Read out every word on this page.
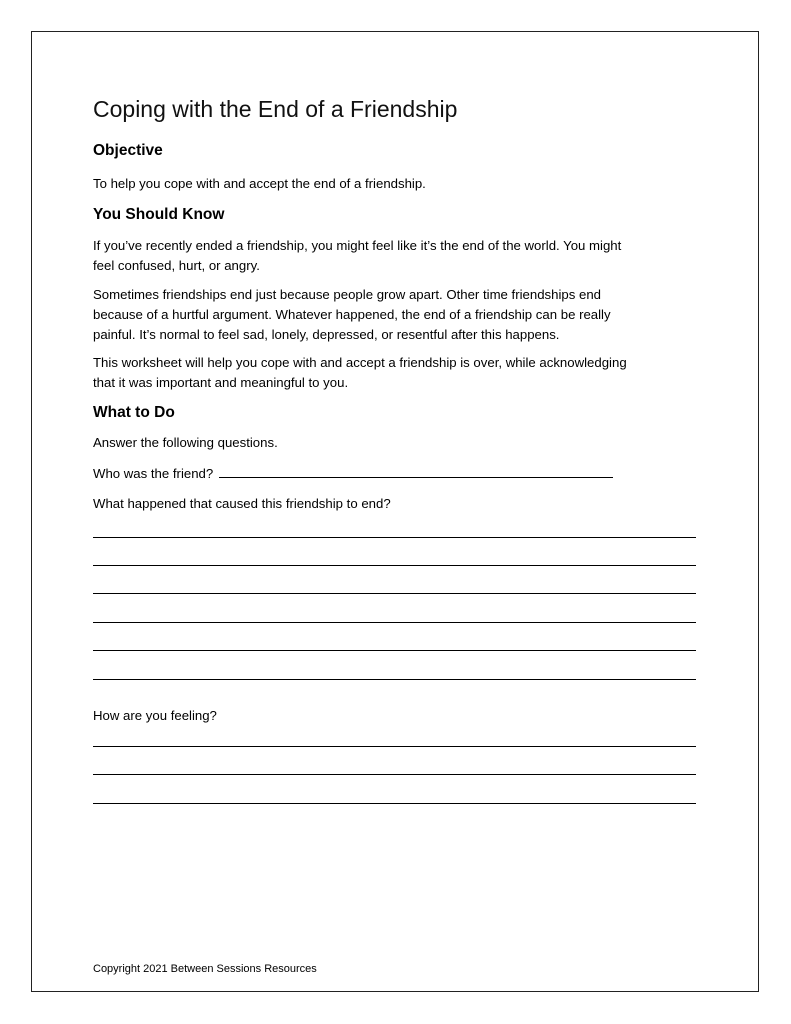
Coping with the End of a Friendship
Objective

To help you cope with and accept the end of a friendship.

You Should Know

If you’ve recently ended a friendship, you might feel like it’s the end of the world. You might

feel confused, hurt, or angry.

Sometimes friendships end just because people grow apart. Other time friendships end

because of a hurtful argument. Whatever happened, the end of a friendship can be really

painful. It’s normal to feel sad, lonely, depressed, or resentful after this happens.

This worksheet will help you cope with and accept a friendship is over, while acknowledging

that it was important and meaningful to you.

What to Do

Answer the following questions.

Who was the friend?

What happened that caused this friendship to end?

How are you feeling?

Copyright 2021 Between Sessions Resources
